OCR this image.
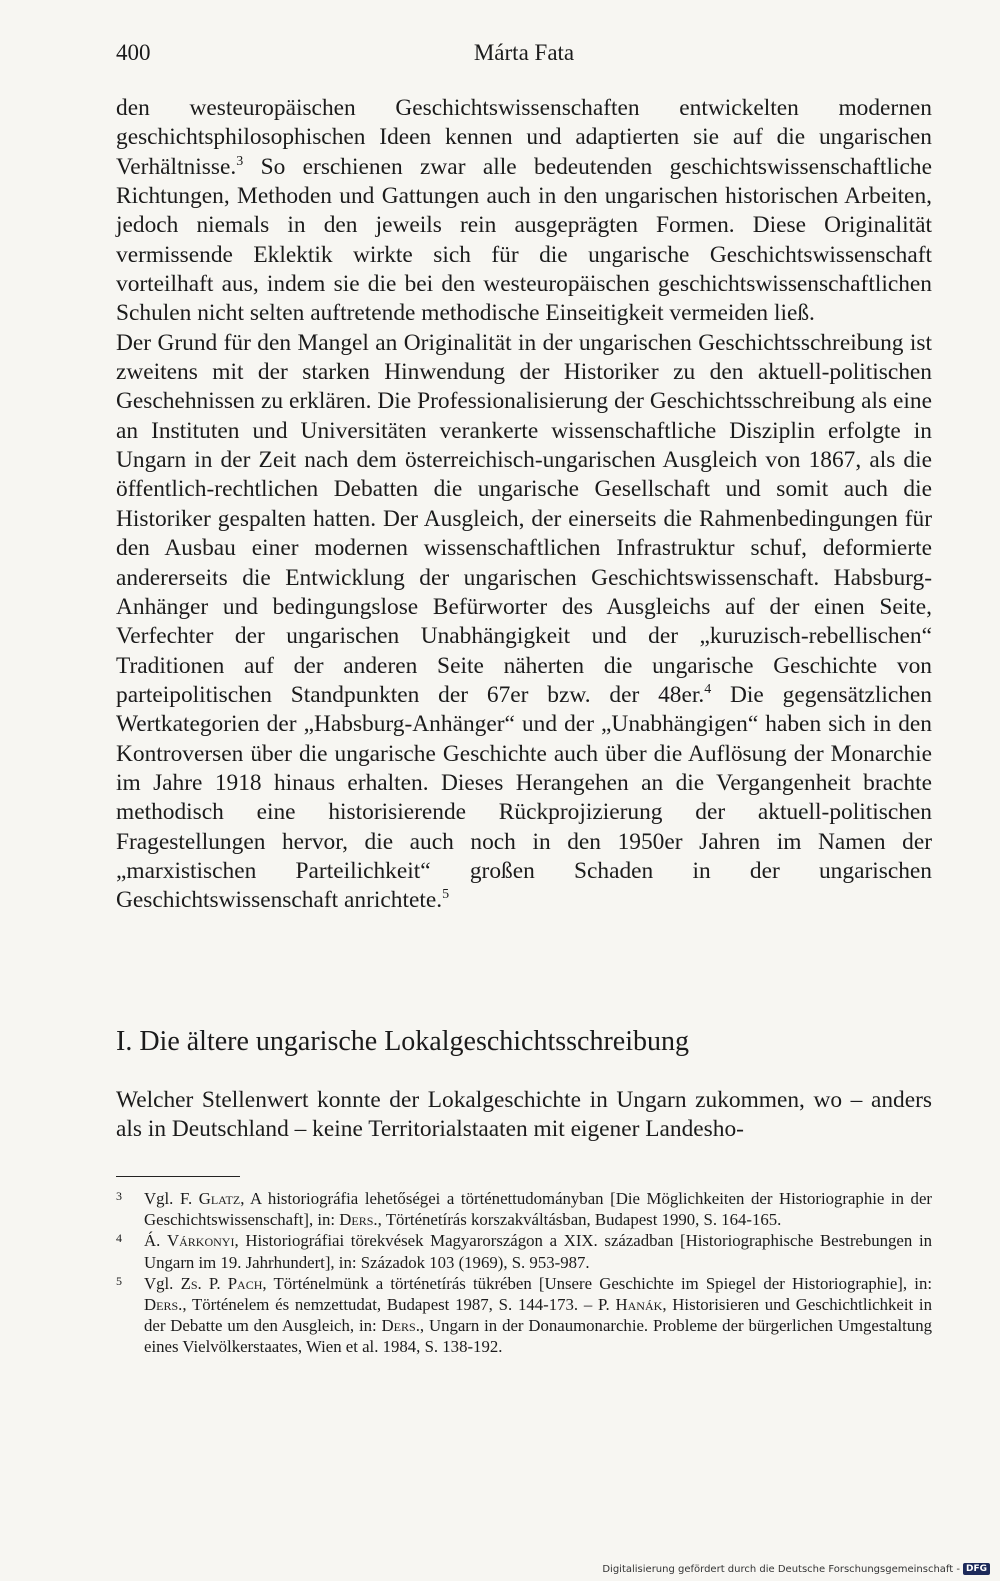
400	Márta Fata

den westeuropäischen Geschichtswissenschaften entwickelten modernen geschichtsphilosophischen Ideen kennen und adaptierten sie auf die ungarischen Verhältnisse.$^3$ So erschienen zwar alle bedeutenden geschichtswissenschaftliche Richtungen, Methoden und Gattungen auch in den ungarischen historischen Arbeiten, jedoch niemals in den jeweils rein ausgeprägten Formen. Diese Originalität vermissende Eklektik wirkte sich für die ungarische Geschichtswissenschaft vorteilhaft aus, indem sie die bei den westeuropäischen geschichtswissenschaftlichen Schulen nicht selten auftretende methodische Einseitigkeit vermeiden ließ.

Der Grund für den Mangel an Originalität in der ungarischen Geschichtsschreibung ist zweitens mit der starken Hinwendung der Historiker zu den aktuell-politischen Geschehnissen zu erklären. Die Professionalisierung der Geschichtsschreibung als eine an Instituten und Universitäten verankerte wissenschaftliche Disziplin erfolgte in Ungarn in der Zeit nach dem österreichisch-ungarischen Ausgleich von 1867, als die öffentlich-rechtlichen Debatten die ungarische Gesellschaft und somit auch die Historiker gespalten hatten. Der Ausgleich, der einerseits die Rahmenbedingungen für den Ausbau einer modernen wissenschaftlichen Infrastruktur schuf, deformierte andererseits die Entwicklung der ungarischen Geschichtswissenschaft. Habsburg-Anhänger und bedingungslose Befürworter des Ausgleichs auf der einen Seite, Verfechter der ungarischen Unabhängigkeit und der „kuruzisch-rebellischen“ Traditionen auf der anderen Seite näherten die ungarische Geschichte von parteipolitischen Standpunkten der 67er bzw. der 48er.$^4$ Die gegensätzlichen Wertkategorien der „Habsburg-Anhänger“ und der „Unabhängigen“ haben sich in den Kontroversen über die ungarische Geschichte auch über die Auflösung der Monarchie im Jahre 1918 hinaus erhalten. Dieses Herangehen an die Vergangenheit brachte methodisch eine historisierende Rückprojizierung der aktuell-politischen Fragestellungen hervor, die auch noch in den 1950er Jahren im Namen der „marxistischen Parteilichkeit“ großen Schaden in der ungarischen Geschichtswissenschaft anrichtete.$^5$

I. Die ältere ungarische Lokalgeschichtsschreibung

Welcher Stellenwert konnte der Lokalgeschichte in Ungarn zukommen, wo – anders als in Deutschland – keine Territorialstaaten mit eigener Landesho-

3 Vgl. F. Glatz, A historiográfia lehetőségei a történettudományban [Die Möglichkeiten der Historiographie in der Geschichtswissenschaft], in: Ders., Történetírás korszakváltásban, Budapest 1990, S. 164-165.

4 Á. Várkonyi, Historiográfiai törekvések Magyarországon a XIX. században [Historiographische Bestrebungen in Ungarn im 19. Jahrhundert], in: Századok 103 (1969), S. 953-987.

5 Vgl. Zs. P. Pach, Történelmünk a történetírás tükrében [Unsere Geschichte im Spiegel der Historiographie], in: Ders., Történelem és nemzettudat, Budapest 1987, S. 144-173. – P. Hanák, Historisieren und Geschichtlichkeit in der Debatte um den Ausgleich, in: Ders., Ungarn in der Donaumonarchie. Probleme der bürgerlichen Umgestaltung eines Vielvölkerstaates, Wien et al. 1984, S. 138-192.

Digitalisierung gefördert durch die Deutsche Forschungsgemeinschaft - DFG
